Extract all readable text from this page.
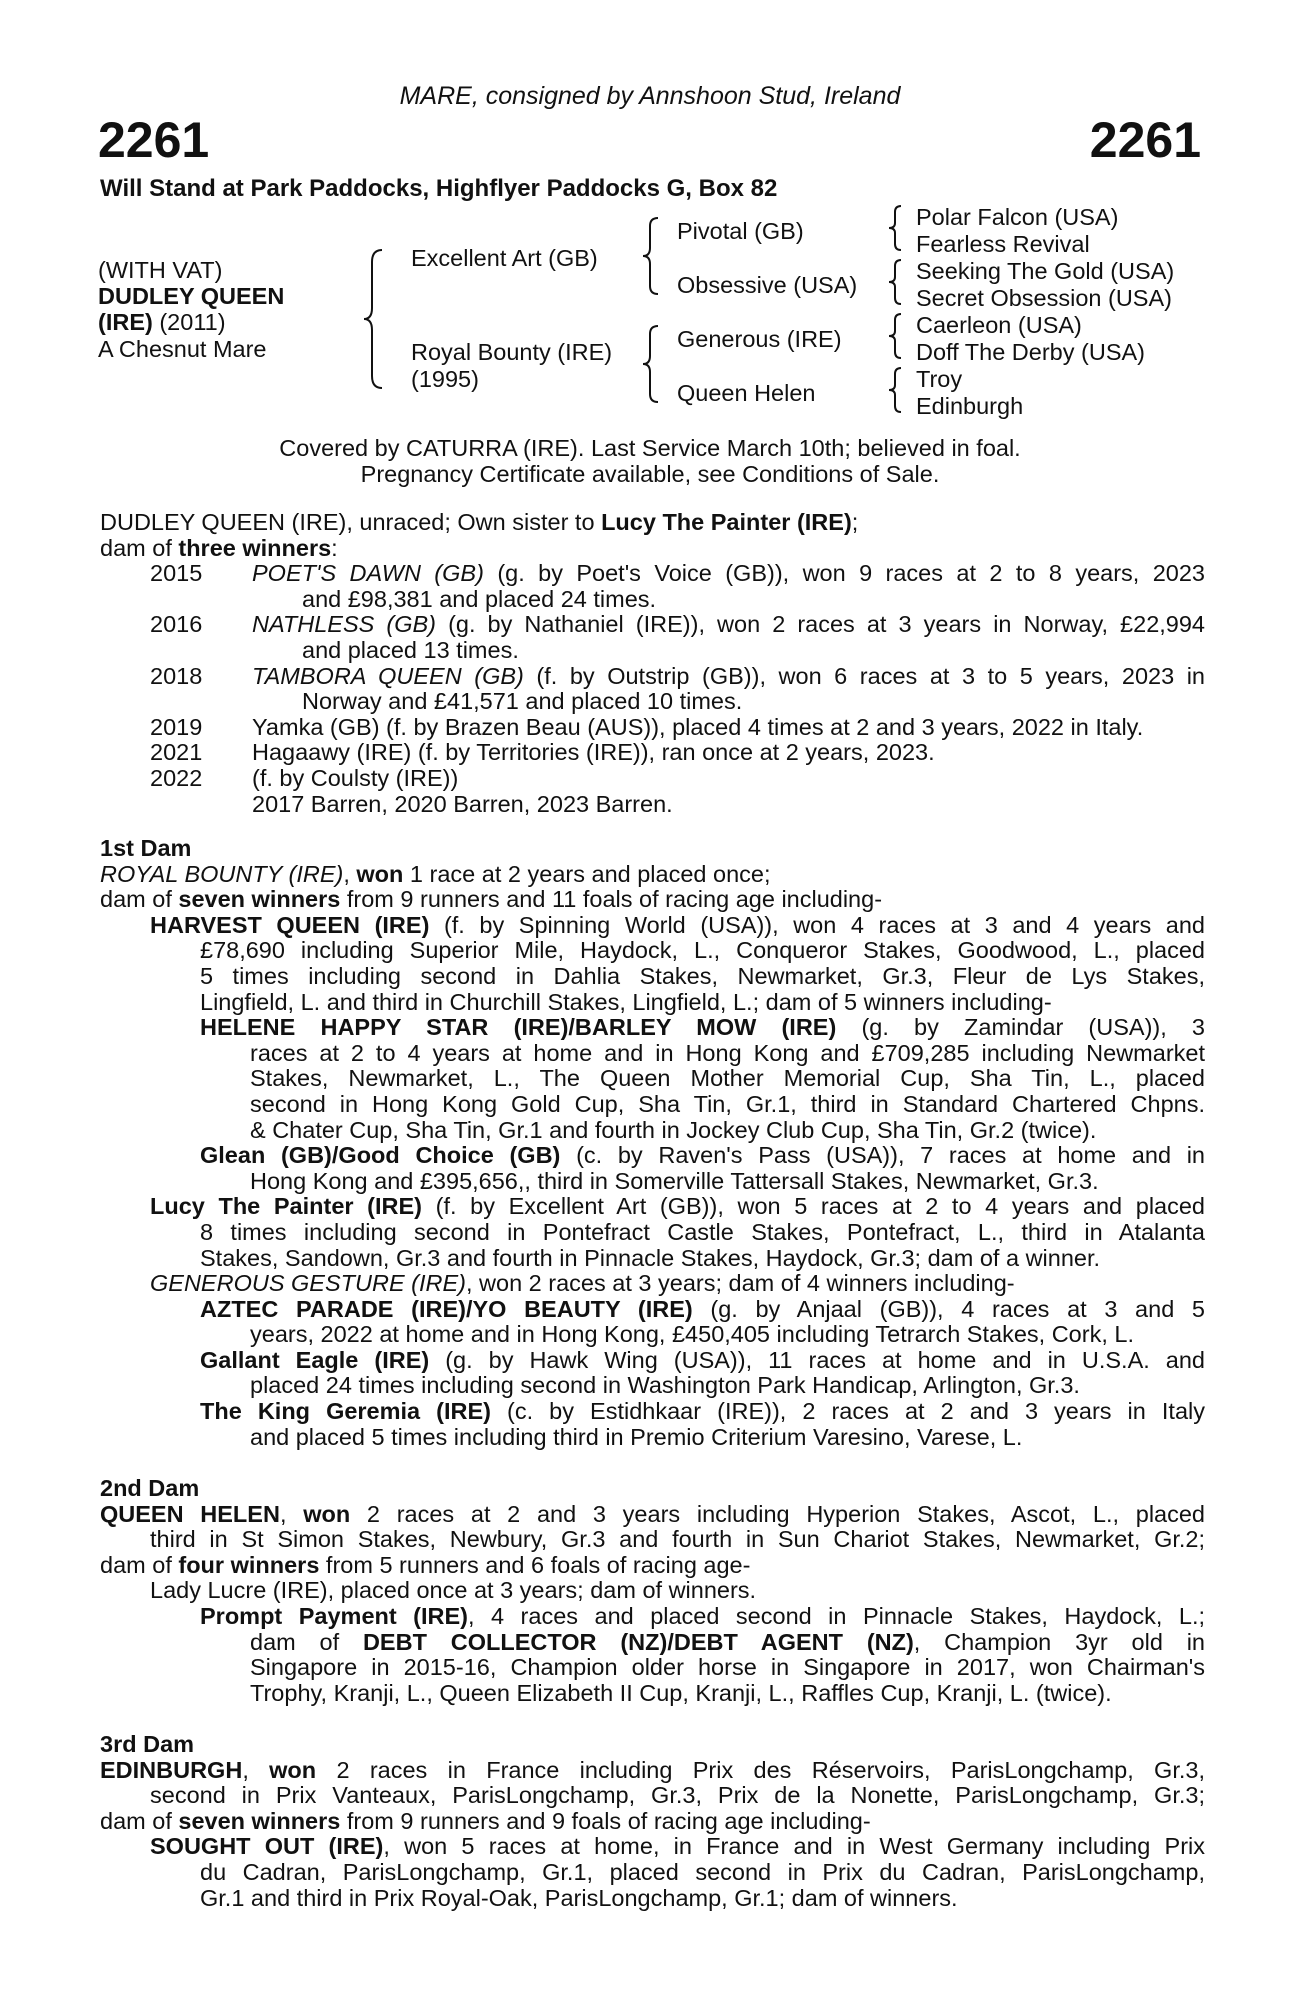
MARE, consigned by Annshoon Stud, Ireland
2261	2261
Will Stand at Park Paddocks, Highflyer Paddocks G, Box 82
(WITH VAT)
DUDLEY QUEEN
(IRE) (2011)
A Chesnut Mare
Excellent Art (GB)
Royal Bounty (IRE)
(1995)
Pivotal (GB)
Obsessive (USA)
Generous (IRE)
Queen Helen
Polar Falcon (USA)
Fearless Revival
Seeking The Gold (USA)
Secret Obsession (USA)
Caerleon (USA)
Doff The Derby (USA)
Troy
Edinburgh
Covered by CATURRA (IRE). Last Service March 10th; believed in foal.
Pregnancy Certificate available, see Conditions of Sale.
DUDLEY QUEEN (IRE), unraced; Own sister to Lucy The Painter (IRE);
dam of three winners:
2015 POET'S DAWN (GB) (g. by Poet's Voice (GB)), won 9 races at 2 to 8 years, 2023
and £98,381 and placed 24 times.
2016 NATHLESS (GB) (g. by Nathaniel (IRE)), won 2 races at 3 years in Norway, £22,994
and placed 13 times.
2018 TAMBORA QUEEN (GB) (f. by Outstrip (GB)), won 6 races at 3 to 5 years, 2023 in
Norway and £41,571 and placed 10 times.
2019 Yamka (GB) (f. by Brazen Beau (AUS)), placed 4 times at 2 and 3 years, 2022 in Italy.
2021 Hagaawy (IRE) (f. by Territories (IRE)), ran once at 2 years, 2023.
2022 (f. by Coulsty (IRE))
2017 Barren, 2020 Barren, 2023 Barren.
1st Dam
ROYAL BOUNTY (IRE), won 1 race at 2 years and placed once;
dam of seven winners from 9 runners and 11 foals of racing age including-
HARVEST QUEEN (IRE) (f. by Spinning World (USA)), won 4 races at 3 and 4 years and
£78,690 including Superior Mile, Haydock, L., Conqueror Stakes, Goodwood, L., placed
5 times including second in Dahlia Stakes, Newmarket, Gr.3, Fleur de Lys Stakes,
Lingfield, L. and third in Churchill Stakes, Lingfield, L.; dam of 5 winners including-
HELENE HAPPY STAR (IRE)/BARLEY MOW (IRE) (g. by Zamindar (USA)), 3
races at 2 to 4 years at home and in Hong Kong and £709,285 including Newmarket
Stakes, Newmarket, L., The Queen Mother Memorial Cup, Sha Tin, L., placed
second in Hong Kong Gold Cup, Sha Tin, Gr.1, third in Standard Chartered Chpns.
& Chater Cup, Sha Tin, Gr.1 and fourth in Jockey Club Cup, Sha Tin, Gr.2 (twice).
Glean (GB)/Good Choice (GB) (c. by Raven's Pass (USA)), 7 races at home and in
Hong Kong and £395,656,, third in Somerville Tattersall Stakes, Newmarket, Gr.3.
Lucy The Painter (IRE) (f. by Excellent Art (GB)), won 5 races at 2 to 4 years and placed
8 times including second in Pontefract Castle Stakes, Pontefract, L., third in Atalanta
Stakes, Sandown, Gr.3 and fourth in Pinnacle Stakes, Haydock, Gr.3; dam of a winner.
GENEROUS GESTURE (IRE), won 2 races at 3 years; dam of 4 winners including-
AZTEC PARADE (IRE)/YO BEAUTY (IRE) (g. by Anjaal (GB)), 4 races at 3 and 5
years, 2022 at home and in Hong Kong, £450,405 including Tetrarch Stakes, Cork, L.
Gallant Eagle (IRE) (g. by Hawk Wing (USA)), 11 races at home and in U.S.A. and
placed 24 times including second in Washington Park Handicap, Arlington, Gr.3.
The King Geremia (IRE) (c. by Estidhkaar (IRE)), 2 races at 2 and 3 years in Italy
and placed 5 times including third in Premio Criterium Varesino, Varese, L.
2nd Dam
QUEEN HELEN, won 2 races at 2 and 3 years including Hyperion Stakes, Ascot, L., placed
third in St Simon Stakes, Newbury, Gr.3 and fourth in Sun Chariot Stakes, Newmarket, Gr.2;
dam of four winners from 5 runners and 6 foals of racing age-
Lady Lucre (IRE), placed once at 3 years; dam of winners.
Prompt Payment (IRE), 4 races and placed second in Pinnacle Stakes, Haydock, L.;
dam of DEBT COLLECTOR (NZ)/DEBT AGENT (NZ), Champion 3yr old in
Singapore in 2015-16, Champion older horse in Singapore in 2017, won Chairman's
Trophy, Kranji, L., Queen Elizabeth II Cup, Kranji, L., Raffles Cup, Kranji, L. (twice).
3rd Dam
EDINBURGH, won 2 races in France including Prix des Réservoirs, ParisLongchamp, Gr.3,
second in Prix Vanteaux, ParisLongchamp, Gr.3, Prix de la Nonette, ParisLongchamp, Gr.3;
dam of seven winners from 9 runners and 9 foals of racing age including-
SOUGHT OUT (IRE), won 5 races at home, in France and in West Germany including Prix
du Cadran, ParisLongchamp, Gr.1, placed second in Prix du Cadran, ParisLongchamp,
Gr.1 and third in Prix Royal-Oak, ParisLongchamp, Gr.1; dam of winners.
